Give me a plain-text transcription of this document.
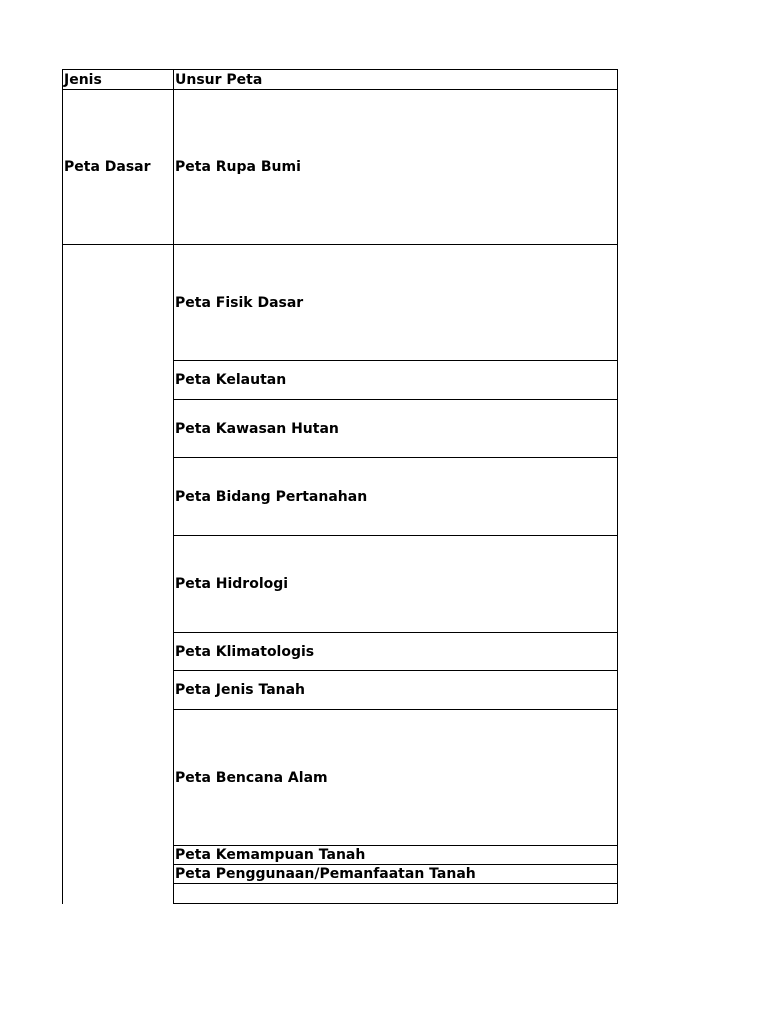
Jenis	Unsur Peta
Peta Dasar Peta Rupa Bumi
Peta Fisik Dasar
Peta Kelautan
Peta Kawasan Hutan
Peta Bidang Pertanahan
Peta Hidrologi
Peta Klimatologis
Peta Jenis Tanah
Peta Bencana Alam
Peta Kemampuan Tanah
Peta Penggunaan/Pemanfaatan Tanah
